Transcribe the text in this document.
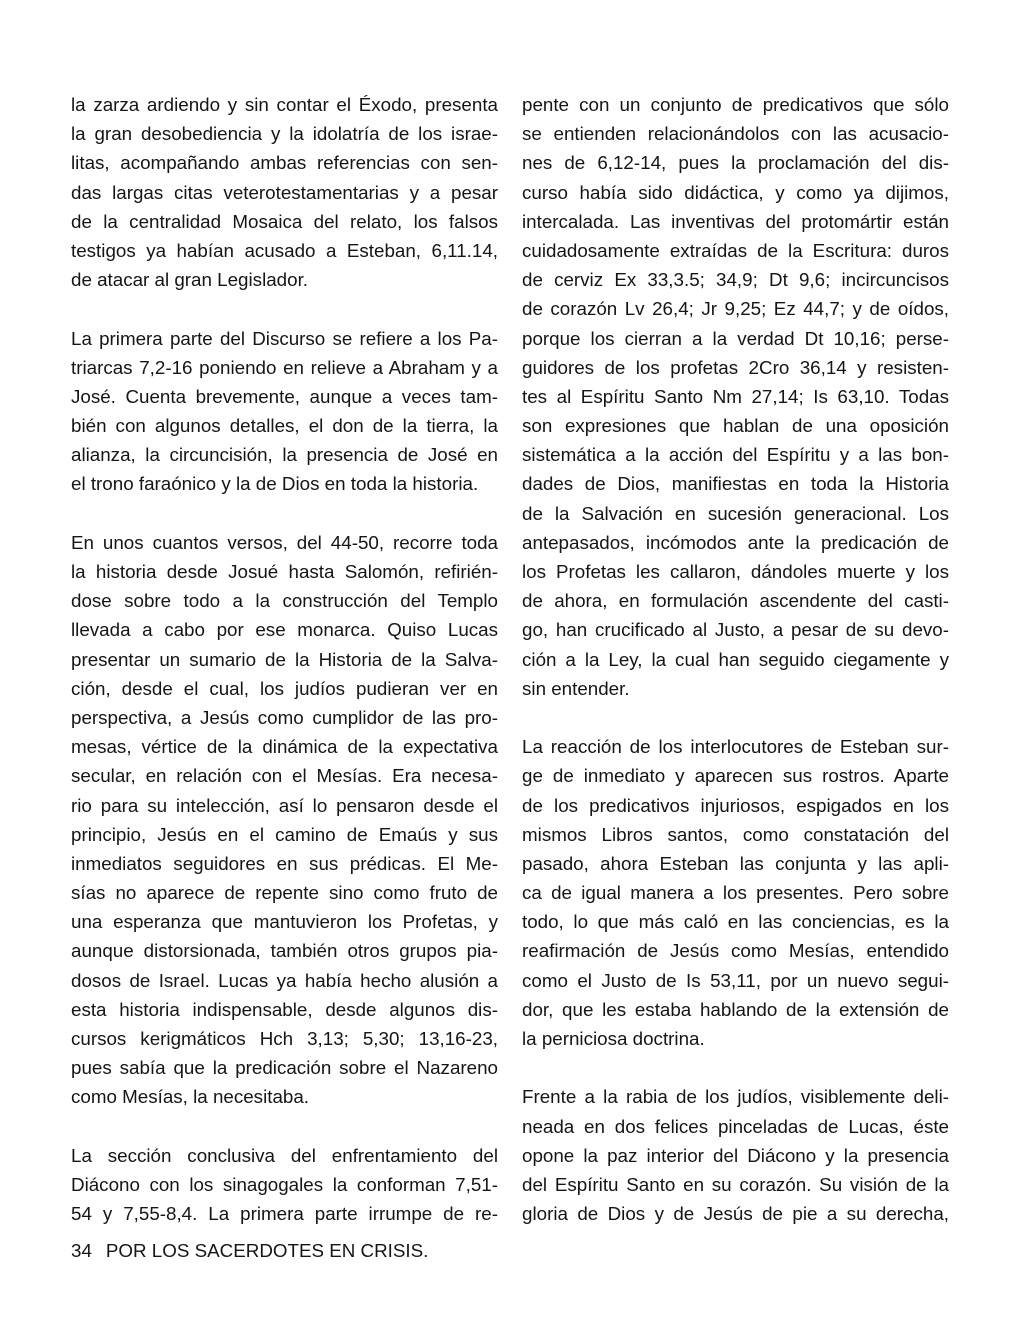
la zarza ardiendo y sin contar el Éxodo, presenta
la gran desobediencia y la idolatría de los israe-
litas, acompañando ambas referencias con sen-
das largas citas veterotestamentarias y a pesar
de la centralidad Mosaica del relato, los falsos
testigos ya habían acusado a Esteban, 6,11.14,
de atacar al gran Legislador.
La primera parte del Discurso se refiere a los Pa-
triarcas 7,2-16 poniendo en relieve a Abraham y a
José. Cuenta brevemente, aunque a veces tam-
bién con algunos detalles, el don de la tierra, la
alianza, la circuncisión, la presencia de José en
el trono faraónico y la de Dios en toda la historia.
En unos cuantos versos, del 44-50, recorre toda
la historia desde Josué hasta Salomón, refirién-
dose sobre todo a la construcción del Templo
llevada a cabo por ese monarca. Quiso Lucas
presentar un sumario de la Historia de la Salva-
ción, desde el cual, los judíos pudieran ver en
perspectiva, a Jesús como cumplidor de las pro-
mesas, vértice de la dinámica de la expectativa
secular, en relación con el Mesías. Era necesa-
rio para su intelección, así lo pensaron desde el
principio, Jesús en el camino de Emaús y sus
inmediatos seguidores en sus prédicas. El Me-
sías no aparece de repente sino como fruto de
una esperanza que mantuvieron los Profetas, y
aunque distorsionada, también otros grupos pia-
dosos de Israel. Lucas ya había hecho alusión a
esta historia indispensable, desde algunos dis-
cursos kerigmáticos Hch 3,13; 5,30; 13,16-23,
pues sabía que la predicación sobre el Nazareno
como Mesías, la necesitaba.
La sección conclusiva del enfrentamiento del
Diácono con los sinagogales la conforman 7,51-
54 y 7,55-8,4. La primera parte irrumpe de re-
pente con un conjunto de predicativos que sólo
se entienden relacionándolos con las acusacio-
nes de 6,12-14, pues la proclamación del dis-
curso había sido didáctica, y como ya dijimos,
intercalada. Las inventivas del protomártir están
cuidadosamente extraídas de la Escritura: duros
de cerviz Ex 33,3.5; 34,9; Dt 9,6; incircuncisos
de corazón Lv 26,4; Jr 9,25; Ez 44,7; y de oídos,
porque los cierran a la verdad Dt 10,16; perse-
guidores de los profetas 2Cro 36,14 y resisten-
tes al Espíritu Santo Nm 27,14; Is 63,10. Todas
son expresiones que hablan de una oposición
sistemática a la acción del Espíritu y a las bon-
dades de Dios, manifiestas en toda la Historia
de la Salvación en sucesión generacional. Los
antepasados, incómodos ante la predicación de
los Profetas les callaron, dándoles muerte y los
de ahora, en formulación ascendente del casti-
go, han crucificado al Justo, a pesar de su devo-
ción a la Ley, la cual han seguido ciegamente y
sin entender.
La reacción de los interlocutores de Esteban sur-
ge de inmediato y aparecen sus rostros. Aparte
de los predicativos injuriosos, espigados en los
mismos Libros santos, como constatación del
pasado, ahora Esteban las conjunta y las apli-
ca de igual manera a los presentes. Pero sobre
todo, lo que más caló en las conciencias, es la
reafirmación de Jesús como Mesías, entendido
como el Justo de Is 53,11, por un nuevo segui-
dor, que les estaba hablando de la extensión de
la perniciosa doctrina.
Frente a la rabia de los judíos, visiblemente deli-
neada en dos felices pinceladas de Lucas, éste
opone la paz interior del Diácono y la presencia
del Espíritu Santo en su corazón. Su visión de la
gloria de Dios y de Jesús de pie a su derecha,
34 POR LOS SACERDOTES EN CRISIS.
